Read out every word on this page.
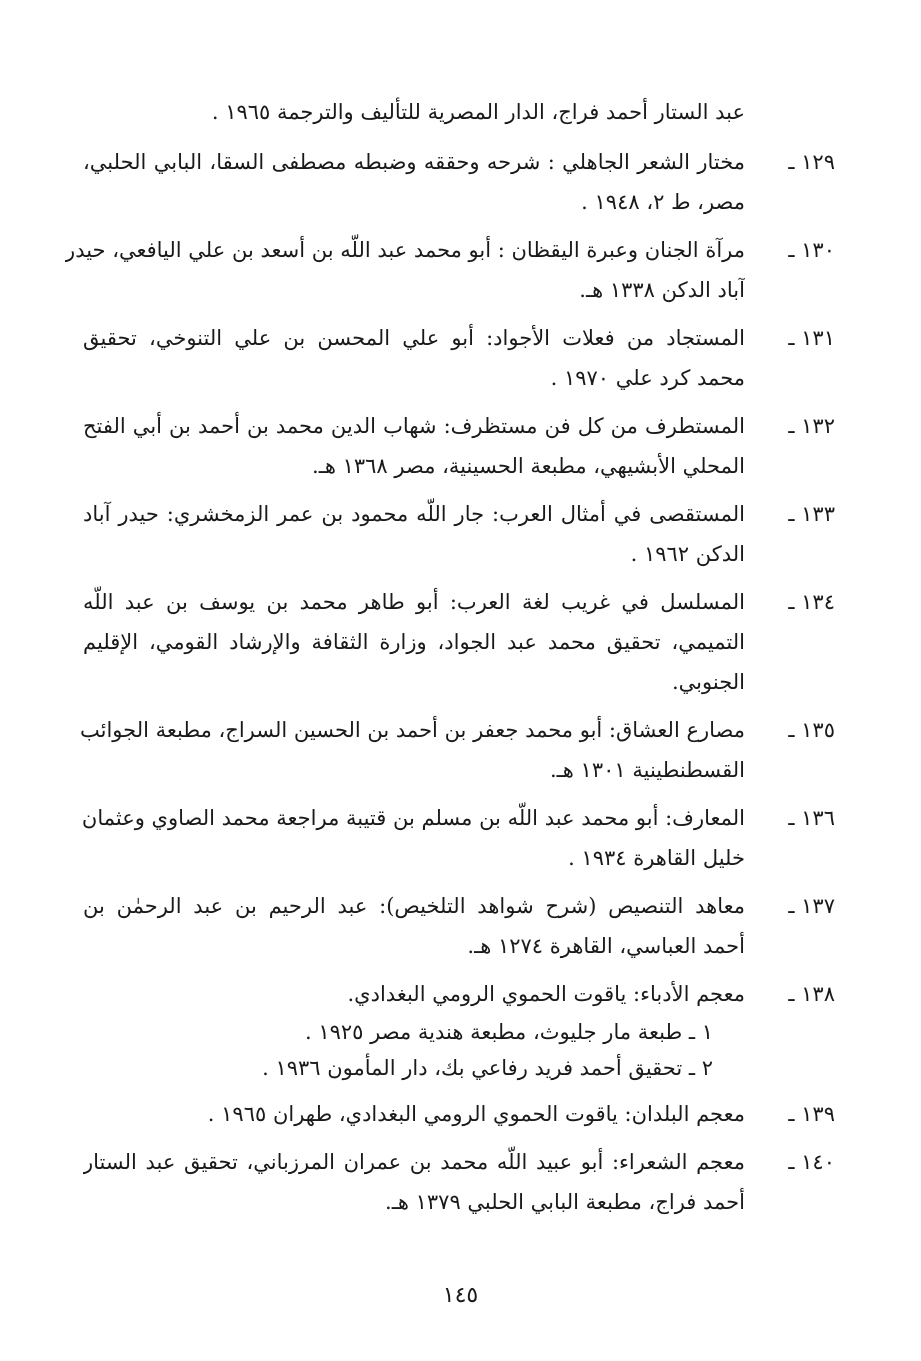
عبد الستار أحمد فراج، الدار المصرية للتأليف والترجمة ١٩٦٥ .
١٢٩ ـ
مختار الشعر الجاهلي : شرحه وحققه وضبطه مصطفى السقا، البابي الحلبي،
مصر، ط ٢، ١٩٤٨ .
١٣٠ ـ
مرآة الجنان وعبرة اليقظان : أبو محمد عبد اللّه بن أسعد بن علي اليافعي، حيدر
آباد الدكن ١٣٣٨ هـ.
١٣١ ـ
المستجاد من فعلات الأجواد: أبو علي المحسن بن علي التنوخي، تحقيق
محمد كرد علي ١٩٧٠ .
١٣٢ ـ
المستطرف من كل فن مستظرف: شهاب الدين محمد بن أحمد بن أبي الفتح
المحلي الأبشيهي، مطبعة الحسينية، مصر ١٣٦٨ هـ.
١٣٣ ـ
المستقصى في أمثال العرب: جار اللّه محمود بن عمر الزمخشري: حيدر آباد
الدكن ١٩٦٢ .
١٣٤ ـ
المسلسل في غريب لغة العرب: أبو طاهر محمد بن يوسف بن عبد اللّه
التميمي، تحقيق محمد عبد الجواد، وزارة الثقافة والإرشاد القومي، الإقليم
الجنوبي.
١٣٥ ـ
مصارع العشاق: أبو محمد جعفر بن أحمد بن الحسين السراج، مطبعة الجوائب
القسطنطينية ١٣٠١ هـ.
١٣٦ ـ
المعارف: أبو محمد عبد اللّه بن مسلم بن قتيبة مراجعة محمد الصاوي وعثمان
خليل القاهرة ١٩٣٤ .
١٣٧ ـ
معاهد التنصيص (شرح شواهد التلخيص): عبد الرحيم بن عبد الرحمٰن بن
أحمد العباسي، القاهرة ١٢٧٤ هـ.
١٣٨ ـ
معجم الأدباء: ياقوت الحموي الرومي البغدادي.
١ ـ طبعة مار جليوث، مطبعة هندية مصر ١٩٢٥ .
٢ ـ تحقيق أحمد فريد رفاعي بك، دار المأمون ١٩٣٦ .
١٣٩ ـ
معجم البلدان: ياقوت الحموي الرومي البغدادي، طهران ١٩٦٥ .
١٤٠ ـ
معجم الشعراء: أبو عبيد اللّه محمد بن عمران المرزباني، تحقيق عبد الستار
أحمد فراج، مطبعة البابي الحلبي ١٣٧٩ هـ.
١٤٥
